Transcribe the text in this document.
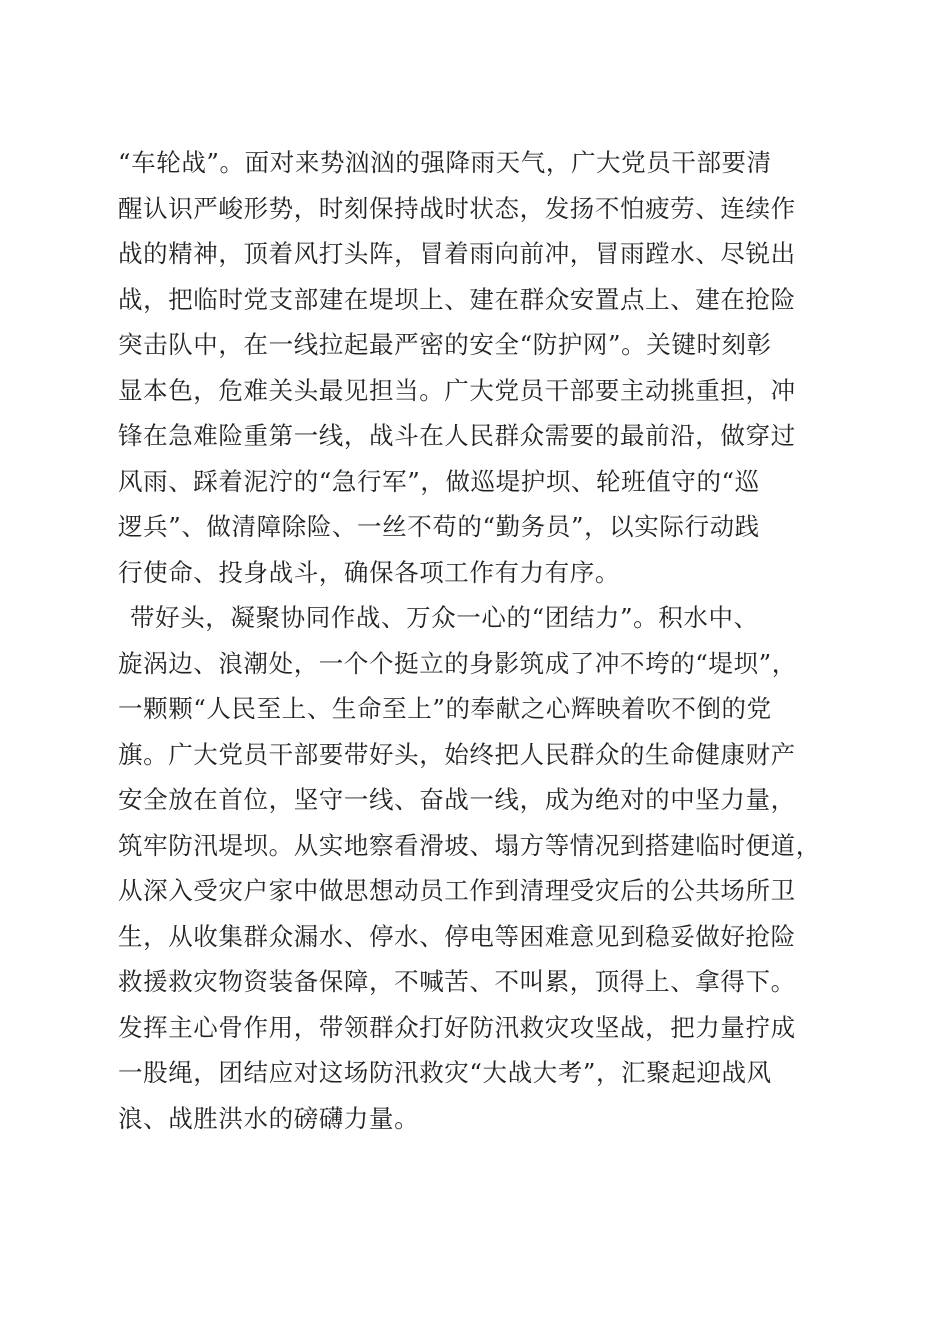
“车轮战”。面对来势汹汹的强降雨天气，广大党员干部要清
醒认识严峻形势，时刻保持战时状态，发扬不怕疲劳、连续作
战的精神，顶着风打头阵，冒着雨向前冲，冒雨蹚水、尽锐出
战，把临时党支部建在堤坝上、建在群众安置点上、建在抢险
突击队中，在一线拉起最严密的安全“防护网”。关键时刻彰
显本色，危难关头最见担当。广大党员干部要主动挑重担，冲
锋在急难险重第一线，战斗在人民群众需要的最前沿，做穿过
风雨、踩着泥泞的“急行军”，做巡堤护坝、轮班值守的“巡
逻兵”、做清障除险、一丝不苟的“勤务员”，以实际行动践
行使命、投身战斗，确保各项工作有力有序。
带好头，凝聚协同作战、万众一心的“团结力”。积水中、
旋涡边、浪潮处，一个个挺立的身影筑成了冲不垮的“堤坝”，
一颗颗“人民至上、生命至上”的奉献之心辉映着吹不倒的党
旗。广大党员干部要带好头，始终把人民群众的生命健康财产
安全放在首位，坚守一线、奋战一线，成为绝对的中坚力量，
筑牢防汛堤坝。从实地察看滑坡、塌方等情况到搭建临时便道，
从深入受灾户家中做思想动员工作到清理受灾后的公共场所卫
生，从收集群众漏水、停水、停电等困难意见到稳妥做好抢险
救援救灾物资装备保障，不喊苦、不叫累，顶得上、拿得下。
发挥主心骨作用，带领群众打好防汛救灾攻坚战，把力量拧成
一股绳，团结应对这场防汛救灾“大战大考”，汇聚起迎战风
浪、战胜洪水的磅礴力量。
